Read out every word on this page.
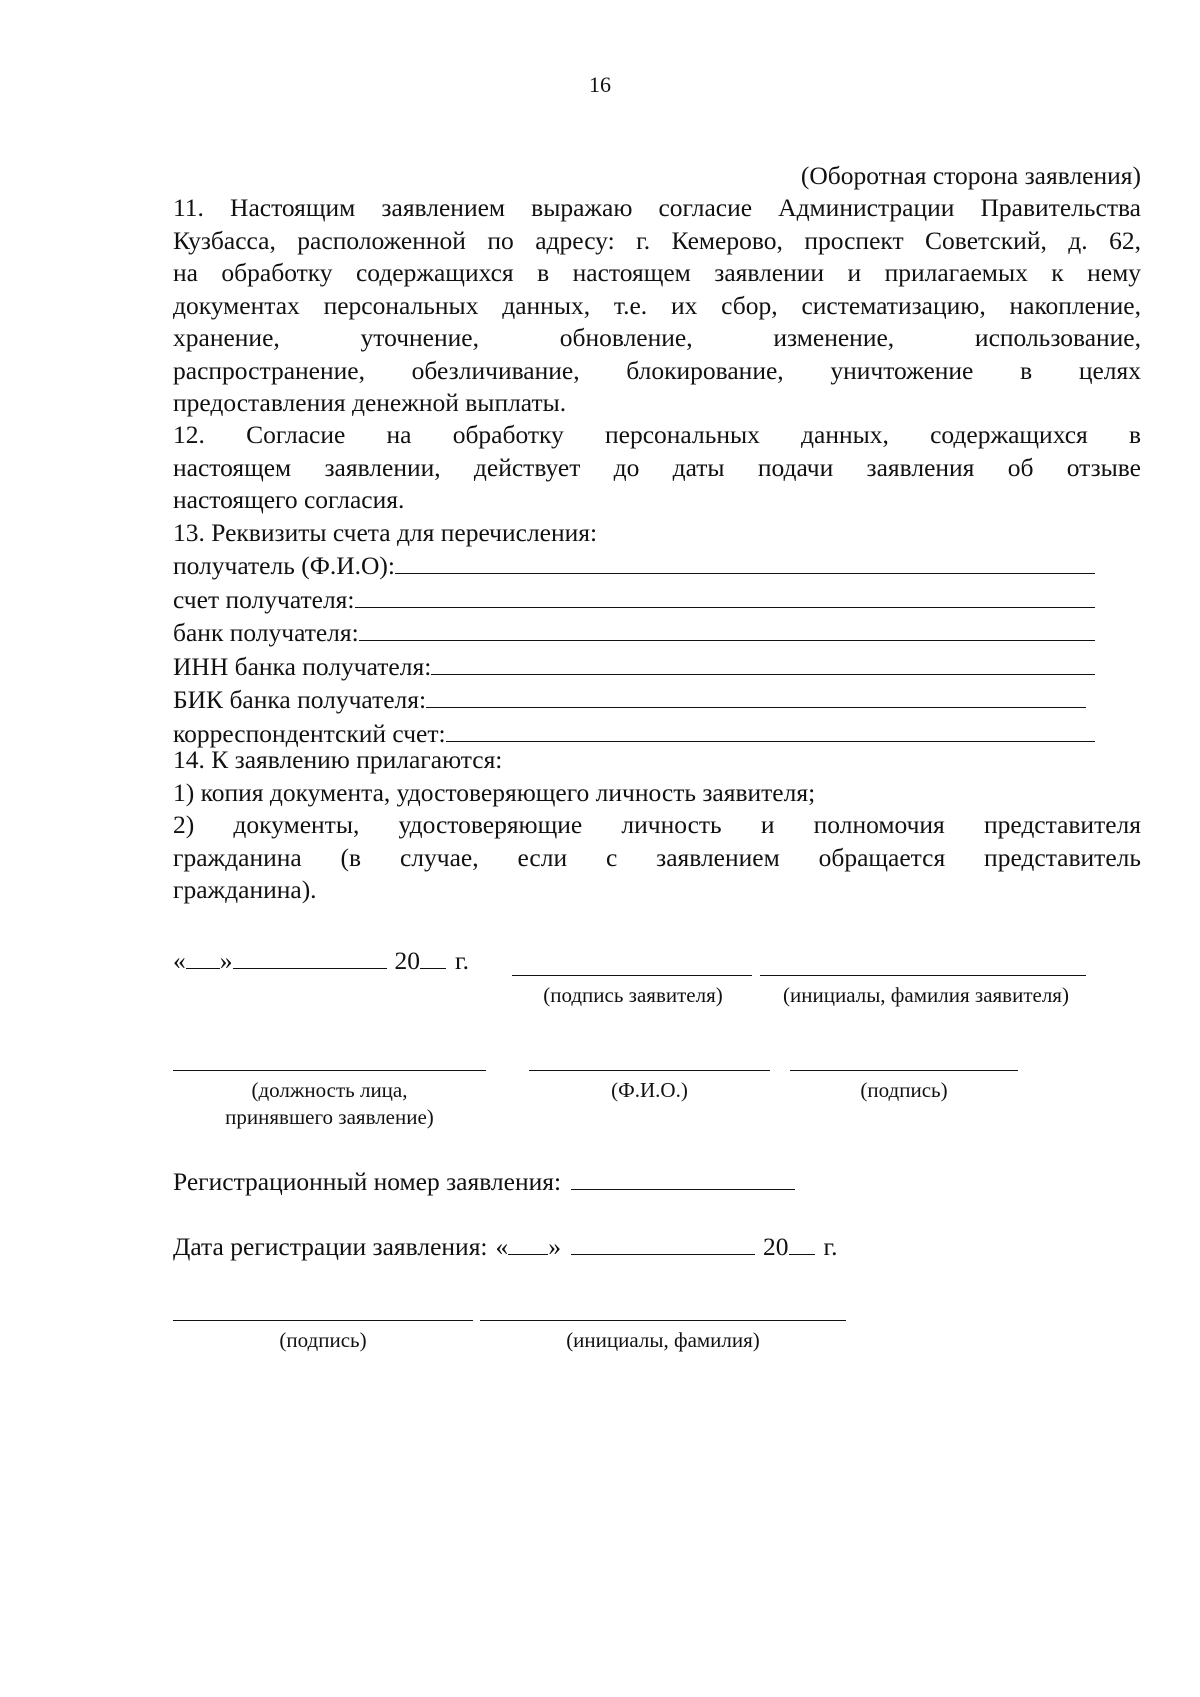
16
(Оборотная сторона заявления)
11. Настоящим заявлением выражаю согласие Администрации Правительства
Кузбасса, расположенной по адресу: г. Кемерово, проспект Советский, д. 62,
на обработку содержащихся в настоящем заявлении и прилагаемых к нему
документах персональных данных, т.е. их сбор, систематизацию, накопление,
хранение, уточнение, обновление, изменение, использование,
распространение, обезличивание, блокирование, уничтожение в целях
предоставления денежной выплаты.
12. Согласие на обработку персональных данных, содержащихся в
настоящем заявлении, действует до даты подачи заявления об отзыве
настоящего согласия.
13. Реквизиты счета для перечисления:
получатель (Ф.И.О):
счет получателя:
банк получателя:
ИНН банка получателя:
БИК банка получателя:
корреспондентский счет:
14. К заявлению прилагаются:
1) копия документа, удостоверяющего личность заявителя;
2) документы, удостоверяющие личность и полномочия представителя
гражданина (в случае, если с заявлением обращается представитель
гражданина).
« »	20 г.
(подпись заявителя)	(инициалы, фамилия заявителя)
(должность лица,
принявшего заявление)
(Ф.И.О.)	(подпись)
Регистрационный номер заявления:
Дата регистрации заявления: « »	20 г.
(подпись)	(инициалы, фамилия)
